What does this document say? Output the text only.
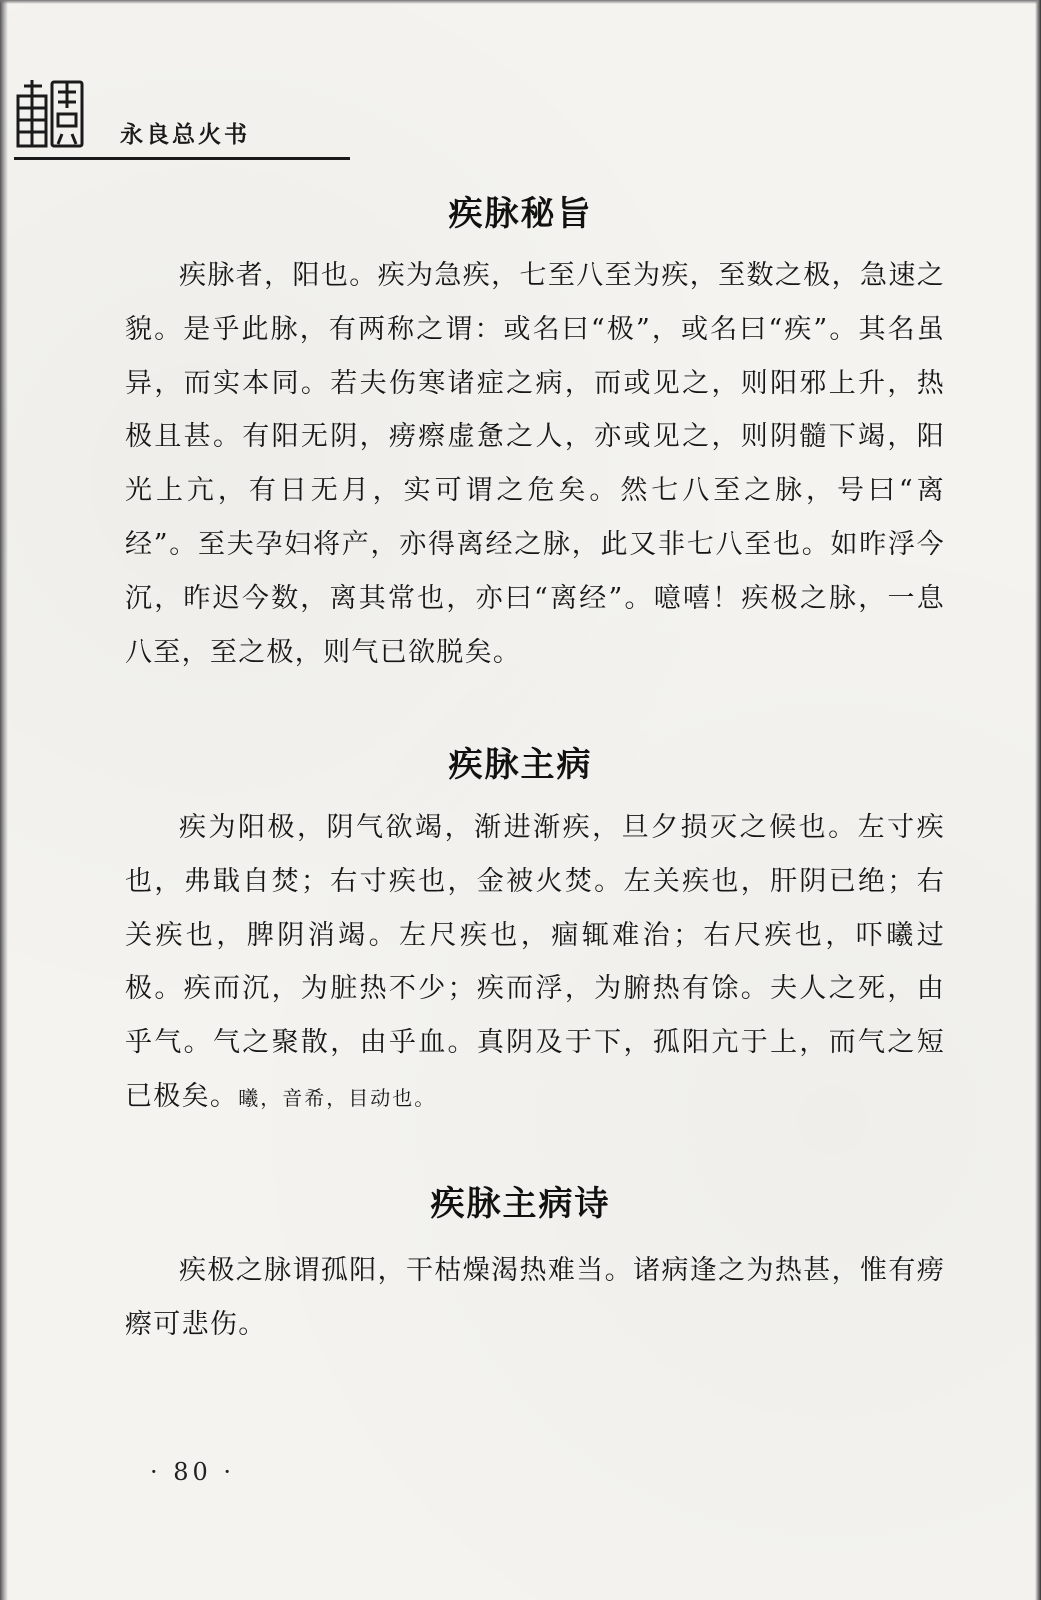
永良总火书
疾脉秘旨

疾脉者，阳也。疾为急疾，七至八至为疾，至数之极，急速之貌。是乎此脉，有两称之谓：或名曰“极”，或名曰“疾”。其名虽异，而实本同。若夫伤寒诸症之病，而或见之，则阳邪上升，热极且甚。有阳无阴，痨瘵虚惫之人，亦或见之，则阴髓下竭，阳光上亢，有日无月，实可谓之危矣。然七八至之脉，号曰“离经”。至夫孕妇将产，亦得离经之脉，此又非七八至也。如昨浮今沉，昨迟今数，离其常也，亦曰“离经”。噫嘻！疾极之脉，一息八至，至之极，则气已欲脱矣。

疾脉主病

疾为阳极，阴气欲竭，渐进渐疾，旦夕损灭之候也。左寸疾也，弗戢自焚；右寸疾也，金被火焚。左关疾也，肝阴已绝；右关疾也，脾阴消竭。左尺疾也，痼辄难治；右尺疾也，吓曦过极。疾而沉，为脏热不少；疾而浮，为腑热有馀。夫人之死，由乎气。气之聚散，由乎血。真阴及于下，孤阳亢于上，而气之短已极矣。曦，音希，目动也。

疾脉主病诗

疾极之脉谓孤阳，干枯燥渴热难当。诸病逢之为热甚，惟有痨瘵可悲伤。

· 80 ·
